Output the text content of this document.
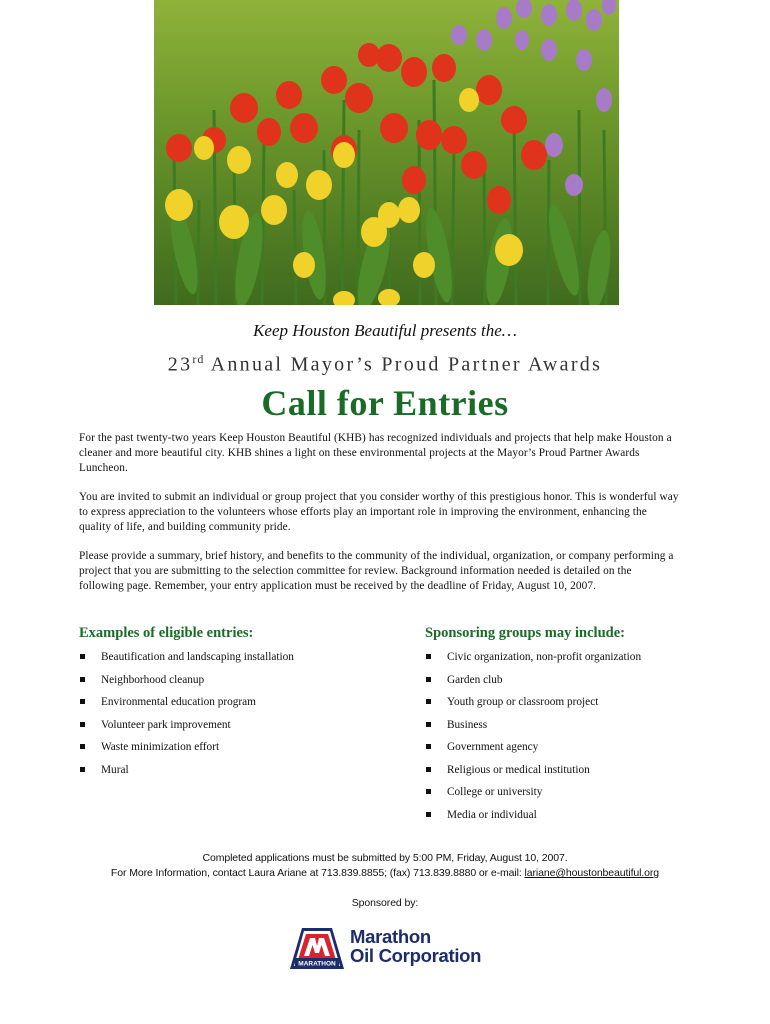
Keep Houston Beautiful presents the…
23rd Annual Mayor’s Proud Partner Awards
Call for Entries

For the past twenty-two years Keep Houston Beautiful (KHB) has recognized individuals and projects that help make Houston a cleaner and more beautiful city. KHB shines a light on these environmental projects at the Mayor’s Proud Partner Awards Luncheon.

You are invited to submit an individual or group project that you consider worthy of this prestigious honor. This is wonderful way to express appreciation to the volunteers whose efforts play an important role in improving the environment, enhancing the quality of life, and building community pride.

Please provide a summary, brief history, and benefits to the community of the individual, organization, or company performing a project that you are submitting to the selection committee for review. Background information needed is detailed on the following page. Remember, your entry application must be received by the deadline of Friday, August 10, 2007.

Examples of eligible entries:
Beautification and landscaping installation
Neighborhood cleanup
Environmental education program
Volunteer park improvement
Waste minimization effort
Mural
Sponsoring groups may include:
Civic organization, non-profit organization
Garden club
Youth group or classroom project
Business
Government agency
Religious or medical institution
College or university
Media or individual
Completed applications must be submitted by 5:00 PM, Friday, August 10, 2007.
For More Information, contact Laura Ariane at 713.839.8855; (fax) 713.839.8880 or e-mail: lariane@houstonbeautiful.org
Sponsored by:
MARATHON
Marathon
Oil Corporation
